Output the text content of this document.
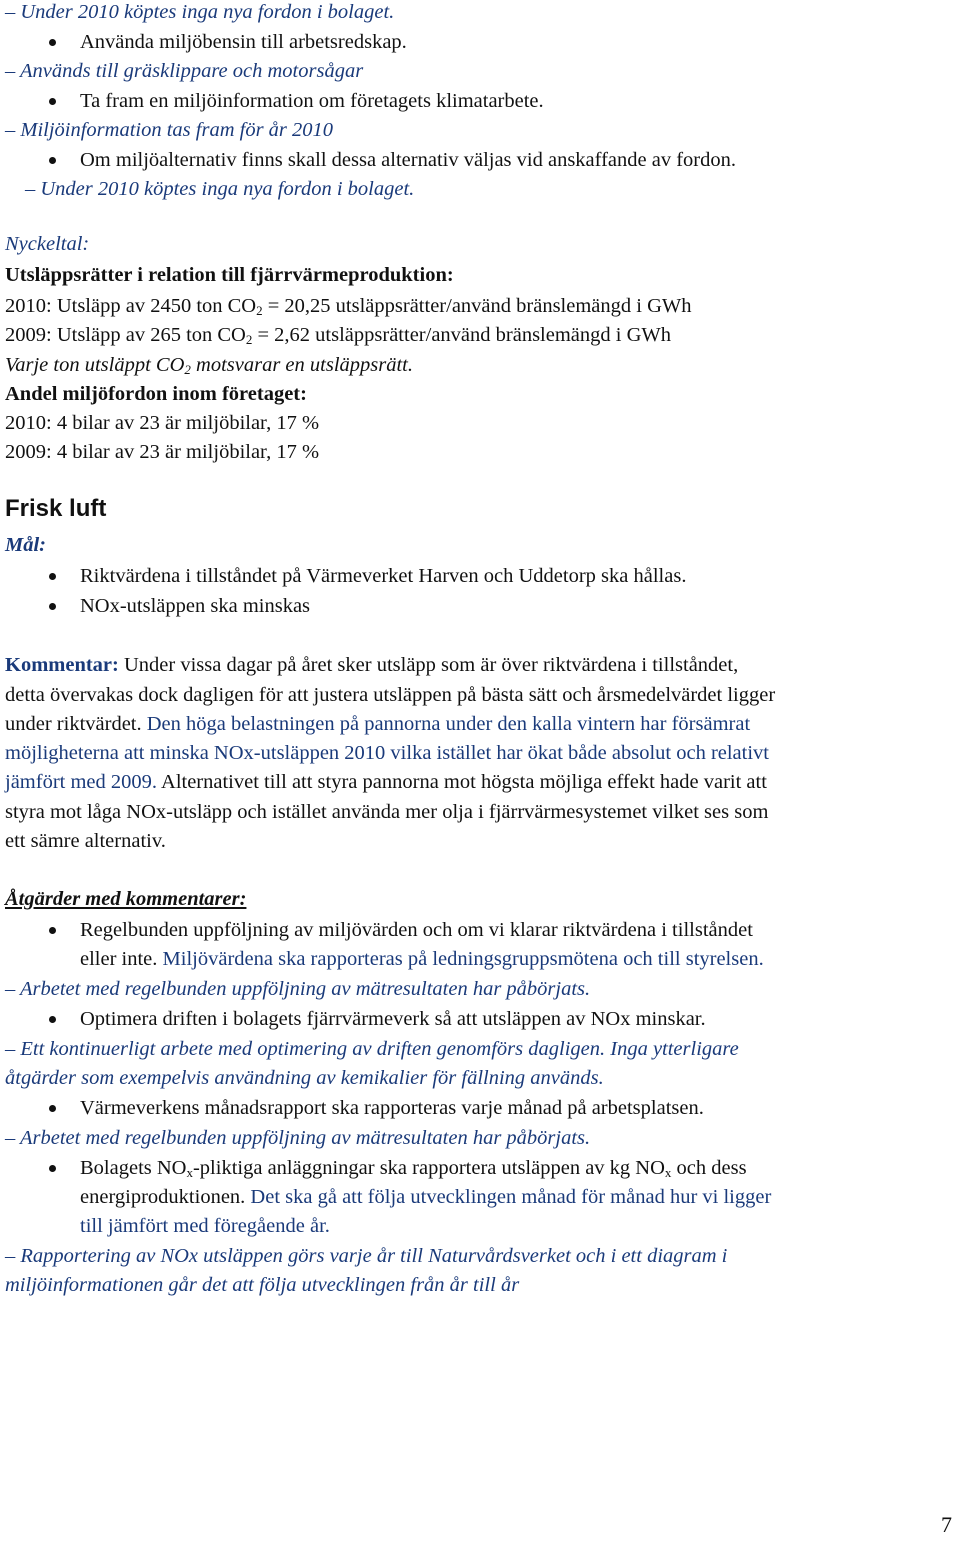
– Under 2010 köptes inga nya fordon i bolaget.
Använda miljöbensin till arbetsredskap.
– Används till gräsklippare och motorsågar
Ta fram en miljöinformation om företagets klimatarbete.
– Miljöinformation tas fram för år 2010
Om miljöalternativ finns skall dessa alternativ väljas vid anskaffande av fordon.
– Under 2010 köptes inga nya fordon i bolaget.
Nyckeltal:
Utsläppsrätter i relation till fjärrvärmeproduktion:
2010: Utsläpp av 2450 ton $CO_2 = 20,25$ utsläppsrätter/använd bränslemängd i GWh
2009: Utsläpp av 265 ton $CO_2 = 2,62$ utsläppsrätter/använd bränslemängd i GWh
Varje ton utsläppt $CO_2$ motsvarar en utsläppsrätt.
Andel miljöfordon inom företaget:
2010: 4 bilar av 23 är miljöbilar, 17 %
2009: 4 bilar av 23 är miljöbilar, 17 %
Frisk luft
Mål:
Riktvärdena i tillståndet på Värmeverket Harven och Uddetorp ska hållas.
NOx-utsläppen ska minskas
Kommentar: Under vissa dagar på året sker utsläpp som är över riktvärdena i tillståndet,
detta övervakas dock dagligen för att justera utsläppen på bästa sätt och årsmedelvärdet ligger
under riktvärdet. Den höga belastningen på pannorna under den kalla vintern har försämrat
möjligheterna att minska NOx-utsläppen 2010 vilka istället har ökat både absolut och relativt
jämfört med 2009. Alternativet till att styra pannorna mot högsta möjliga effekt hade varit att
styra mot låga NOx-utsläpp och istället använda mer olja i fjärrvärmesystemet vilket ses som
ett sämre alternativ.
Åtgärder med kommentarer:
Regelbunden uppföljning av miljövärden och om vi klarar riktvärdena i tillståndet
eller inte. Miljövärdena ska rapporteras på ledningsgruppsmötena och till styrelsen.
– Arbetet med regelbunden uppföljning av mätresultaten har påbörjats.
Optimera driften i bolagets fjärrvärmeverk så att utsläppen av NOx minskar.
– Ett kontinuerligt arbete med optimering av driften genomförs dagligen. Inga ytterligare
åtgärder som exempelvis användning av kemikalier för fällning används.
Värmeverkens månadsrapport ska rapporteras varje månad på arbetsplatsen.
– Arbetet med regelbunden uppföljning av mätresultaten har påbörjats.
Bolagets $NO_x$-pliktiga anläggningar ska rapportera utsläppen av kg $NO_x$ och dess
energiproduktionen. Det ska gå att följa utvecklingen månad för månad hur vi ligger
till jämfört med föregående år.
– Rapportering av NOx utsläppen görs varje år till Naturvårdsverket och i ett diagram i
miljöinformationen går det att följa utvecklingen från år till år
7
